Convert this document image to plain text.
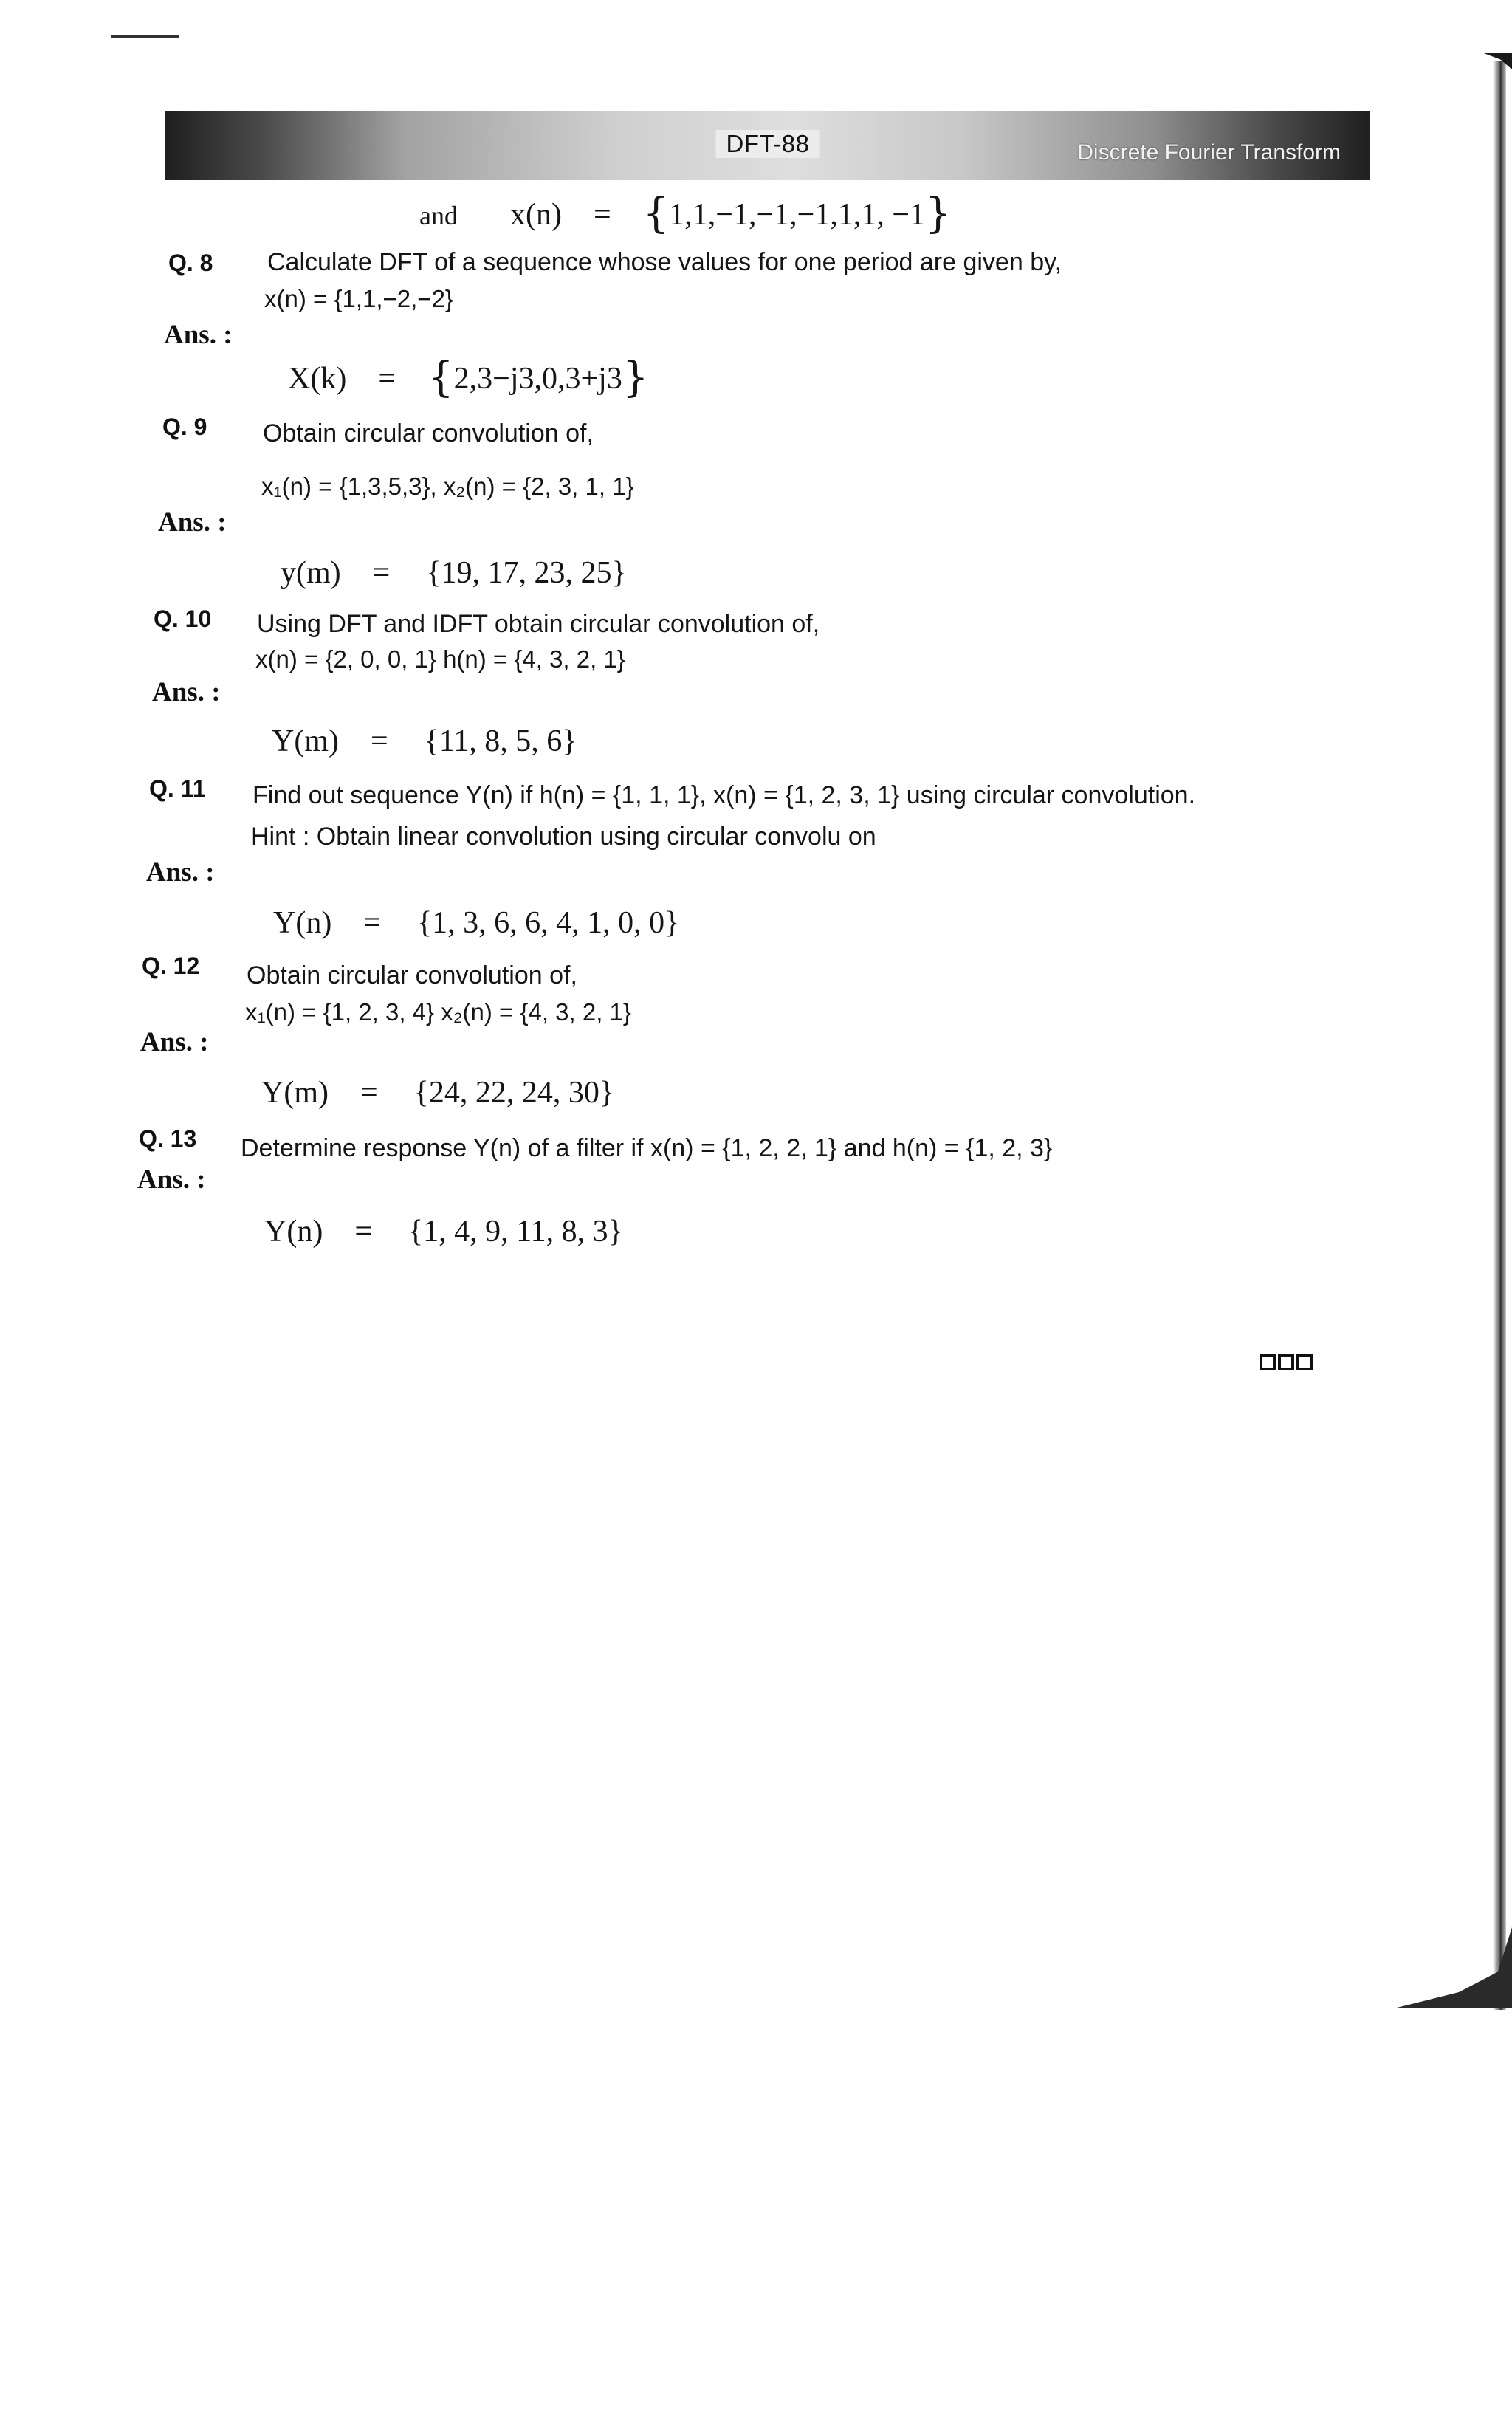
DFT-88	Discrete Fourier Transform
and x(n) = {1,1,−1,−1,−1,1,1, −1}
Q. 8 Calculate DFT of a sequence whose values for one period are given by,
x(n) = {1,1,−2,−2}
Ans. :
X(k) = {2,3−j3,0,3+j3}
Q. 9 Obtain circular convolution of,
x₁(n) = {1,3,5,3}, x₂(n) = {2, 3, 1, 1}
Ans. :
y(m) = {19, 17, 23, 25}
Q. 10 Using DFT and IDFT obtain circular convolution of,
x(n) = {2, 0, 0, 1} h(n) = {4, 3, 2, 1}
Ans. :
Y(m) = {11, 8, 5, 6}
Q. 11 Find out sequence Y(n) if h(n) = {1, 1, 1}, x(n) = {1, 2, 3, 1} using circular convolution.
Hint : Obtain linear convolution using circular convolu on
Ans. :
Y(n) = {1, 3, 6, 6, 4, 1, 0, 0}
Q. 12 Obtain circular convolution of,
x₁(n) = {1, 2, 3, 4} x₂(n) = {4, 3, 2, 1}
Ans. :
Y(m) = {24, 22, 24, 30}
Q. 13 Determine response Y(n) of a filter if x(n) = {1, 2, 2, 1} and h(n) = {1, 2, 3}
Ans. :
Y(n) = {1, 4, 9, 11, 8, 3}
